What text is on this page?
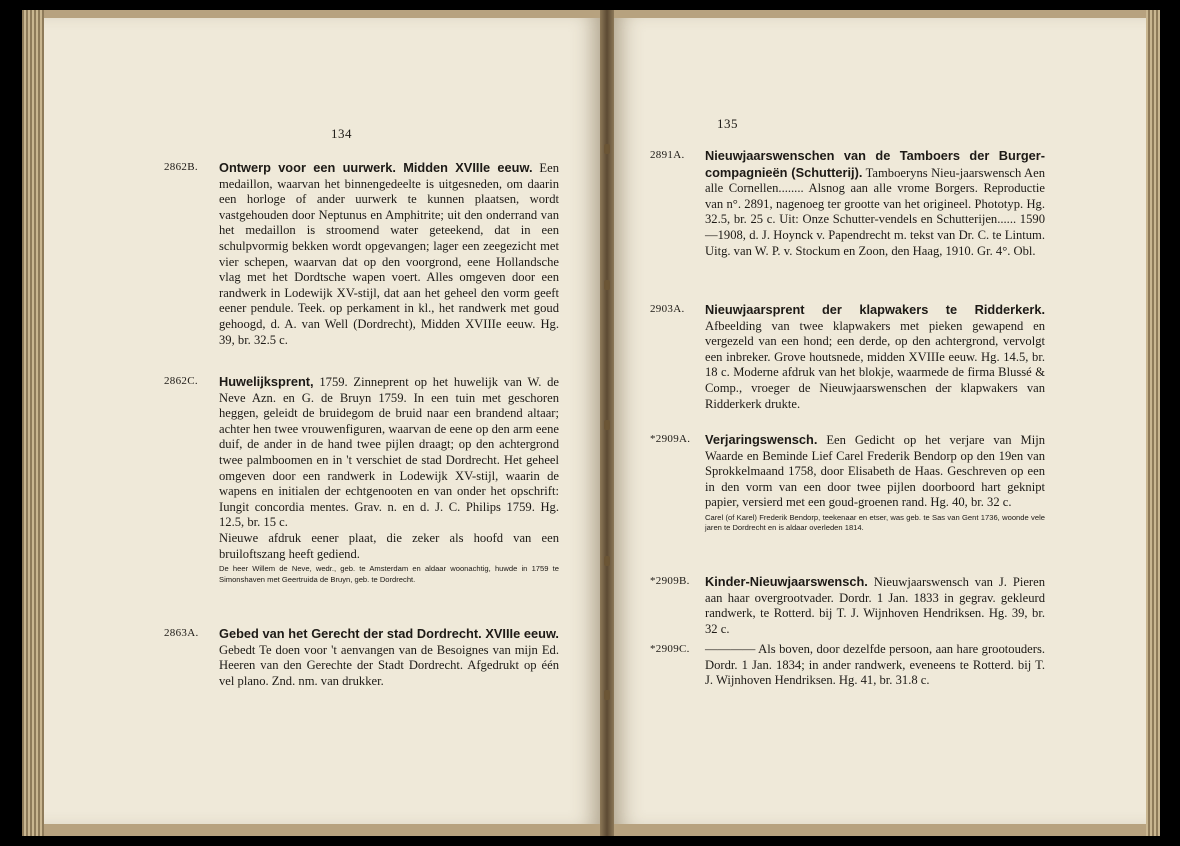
134
2862B. Ontwerp voor een uurwerk. Midden XVIIIe eeuw. Een medaillon, waarvan het binnengedeelte is uitgesneden, om daarin een horloge of ander uurwerk te kunnen plaatsen, wordt vastgehouden door Neptunus en Amphitrite; uit den onderrand van het medaillon is stroomend water geteekend, dat in een schulpvormig bekken wordt opgevangen; lager een zeegezicht met vier schepen, waarvan dat op den voorgrond, eene Hollandsche vlag met het Dordtsche wapen voert. Alles omgeven door een randwerk in Lodewijk XV-stijl, dat aan het geheel den vorm geeft eener pendule. Teek. op perkament in kl., het randwerk met goud gehoogd, d. A. van Well (Dordrecht), Midden XVIIIe eeuw. Hg. 39, br. 32.5 c.

2862C. Huwelijksprent, 1759. Zinneprent op het huwelijk van W. de Neve Azn. en G. de Bruyn 1759. In een tuin met geschoren heggen, geleidt de bruidegom de bruid naar een brandend altaar; achter hen twee vrouwenfiguren, waarvan de eene op den arm eene duif, de ander in de hand twee pijlen draagt; op den achtergrond twee palmboomen en in 't verschiet de stad Dordrecht. Het geheel omgeven door een randwerk in Lodewijk XV-stijl, waarin de wapens en initialen der echtgenooten en van onder het opschrift: Iungit concordia mentes. Grav. n. en d. J. C. Philips 1759. Hg. 12.5, br. 15 c.

Nieuwe afdruk eener plaat, die zeker als hoofd van een bruiloftszang heeft gediend.

De heer Willem de Neve, wedr., geb. te Amsterdam en aldaar woonachtig, huwde in 1759 te Simonshaven met Geertruida de Bruyn, geb. te Dordrecht.

2863A. Gebed van het Gerecht der stad Dordrecht. XVIIIe eeuw. Gebedt Te doen voor 't aenvangen van de Besoignes van mijn Ed. Heeren van den Gerechte der Stadt Dordrecht. Afgedrukt op één vel plano. Znd. nm. van drukker.

135
2891A. Nieuwjaarswenschen van de Tamboers der Burger-compagnieën (Schutterij). Tamboeryns Nieu-jaarswensch Aen alle Cornellen........ Alsnog aan alle vrome Borgers. Reproductie van n°. 2891, nagenoeg ter grootte van het origineel. Phototyp. Hg. 32.5, br. 25 c. Uit: Onze Schutter-vendels en Schutterijen...... 1590—1908, d. J. Hoynck v. Papendrecht m. tekst van Dr. C. te Lintum. Uitg. van W. P. v. Stockum en Zoon, den Haag, 1910. Gr. 4°. Obl.

2903A. Nieuwjaarsprent der klapwakers te Ridderkerk. Afbeelding van twee klapwakers met pieken gewapend en vergezeld van een hond; een derde, op den achtergrond, vervolgt een inbreker. Grove houtsnede, midden XVIIIe eeuw. Hg. 14.5, br. 18 c. Moderne afdruk van het blokje, waarmede de firma Blussé & Comp., vroeger de Nieuwjaarswenschen der klapwakers van Ridderkerk drukte.

*2909A. Verjaringswensch. Een Gedicht op het verjare van Mijn Waarde en Beminde Lief Carel Frederik Bendorp op den 19en van Sprokkelmaand 1758, door Elisabeth de Haas. Geschreven op een in den vorm van een door twee pijlen doorboord hart geknipt papier, versierd met een goud-groenen rand. Hg. 40, br. 32 c.

Carel (of Karel) Frederik Bendorp, teekenaar en etser, was geb. te Sas van Gent 1736, woonde vele jaren te Dordrecht en is aldaar overleden 1814.

*2909B. Kinder-Nieuwjaarswensch. Nieuwjaarswensch van J. Pieren aan haar overgrootvader. Dordr. 1 Jan. 1833 in gegrav. gekleurd randwerk, te Rotterd. bij T. J. Wijnhoven Hendriksen. Hg. 39, br. 32 c.

*2909C. ———— Als boven, door dezelfde persoon, aan hare grootouders. Dordr. 1 Jan. 1834; in ander randwerk, eveneens te Rotterd. bij T. J. Wijnhoven Hendriksen. Hg. 41, br. 31.8 c.
